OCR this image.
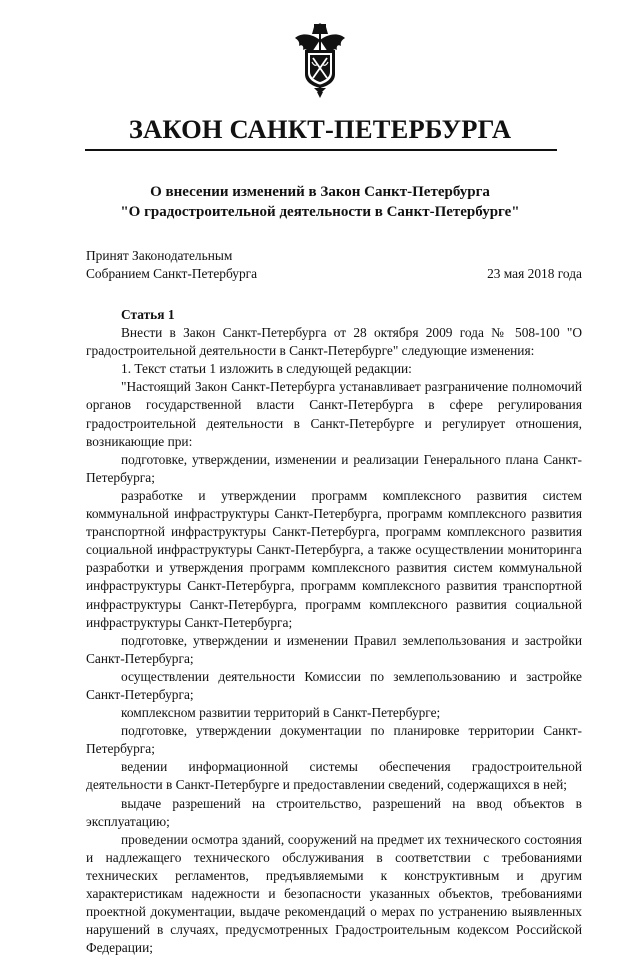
ЗАКОН САНКТ-ПЕТЕРБУРГА
О внесении изменений в Закон Санкт-Петербурга
"О градостроительной деятельности в Санкт-Петербурге"
Принят Законодательным
Собранием Санкт-Петербурга	23 мая 2018 года

Статья 1

Внести в Закон Санкт-Петербурга от 28 октября 2009 года № 508-100 "О градостроительной деятельности в Санкт-Петербурге" следующие изменения:

1. Текст статьи 1 изложить в следующей редакции:

"Настоящий Закон Санкт-Петербурга устанавливает разграничение полномочий органов государственной власти Санкт-Петербурга в сфере регулирования градостроительной деятельности в Санкт-Петербурге и регулирует отношения, возникающие при:

подготовке, утверждении, изменении и реализации Генерального плана Санкт-Петербурга;

разработке и утверждении программ комплексного развития систем коммунальной инфраструктуры Санкт-Петербурга, программ комплексного развития транспортной инфраструктуры Санкт-Петербурга, программ комплексного развития социальной инфраструктуры Санкт-Петербурга, а также осуществлении мониторинга разработки и утверждения программ комплексного развития систем коммунальной инфраструктуры Санкт-Петербурга, программ комплексного развития транспортной инфраструктуры Санкт-Петербурга, программ комплексного развития социальной инфраструктуры Санкт-Петербурга;

подготовке, утверждении и изменении Правил землепользования и застройки Санкт-Петербурга;

осуществлении деятельности Комиссии по землепользованию и застройке Санкт-Петербурга;

комплексном развитии территорий в Санкт-Петербурге;

подготовке, утверждении документации по планировке территории Санкт-Петербурга;

ведении информационной системы обеспечения градостроительной деятельности в Санкт-Петербурге и предоставлении сведений, содержащихся в ней;

выдаче разрешений на строительство, разрешений на ввод объектов в эксплуатацию;

проведении осмотра зданий, сооружений на предмет их технического состояния и надлежащего технического обслуживания в соответствии с требованиями технических регламентов, предъявляемыми к конструктивным и другим характеристикам надежности и безопасности указанных объектов, требованиями проектной документации, выдаче рекомендаций о мерах по устранению выявленных нарушений в случаях, предусмотренных Градостроительным кодексом Российской Федерации;
